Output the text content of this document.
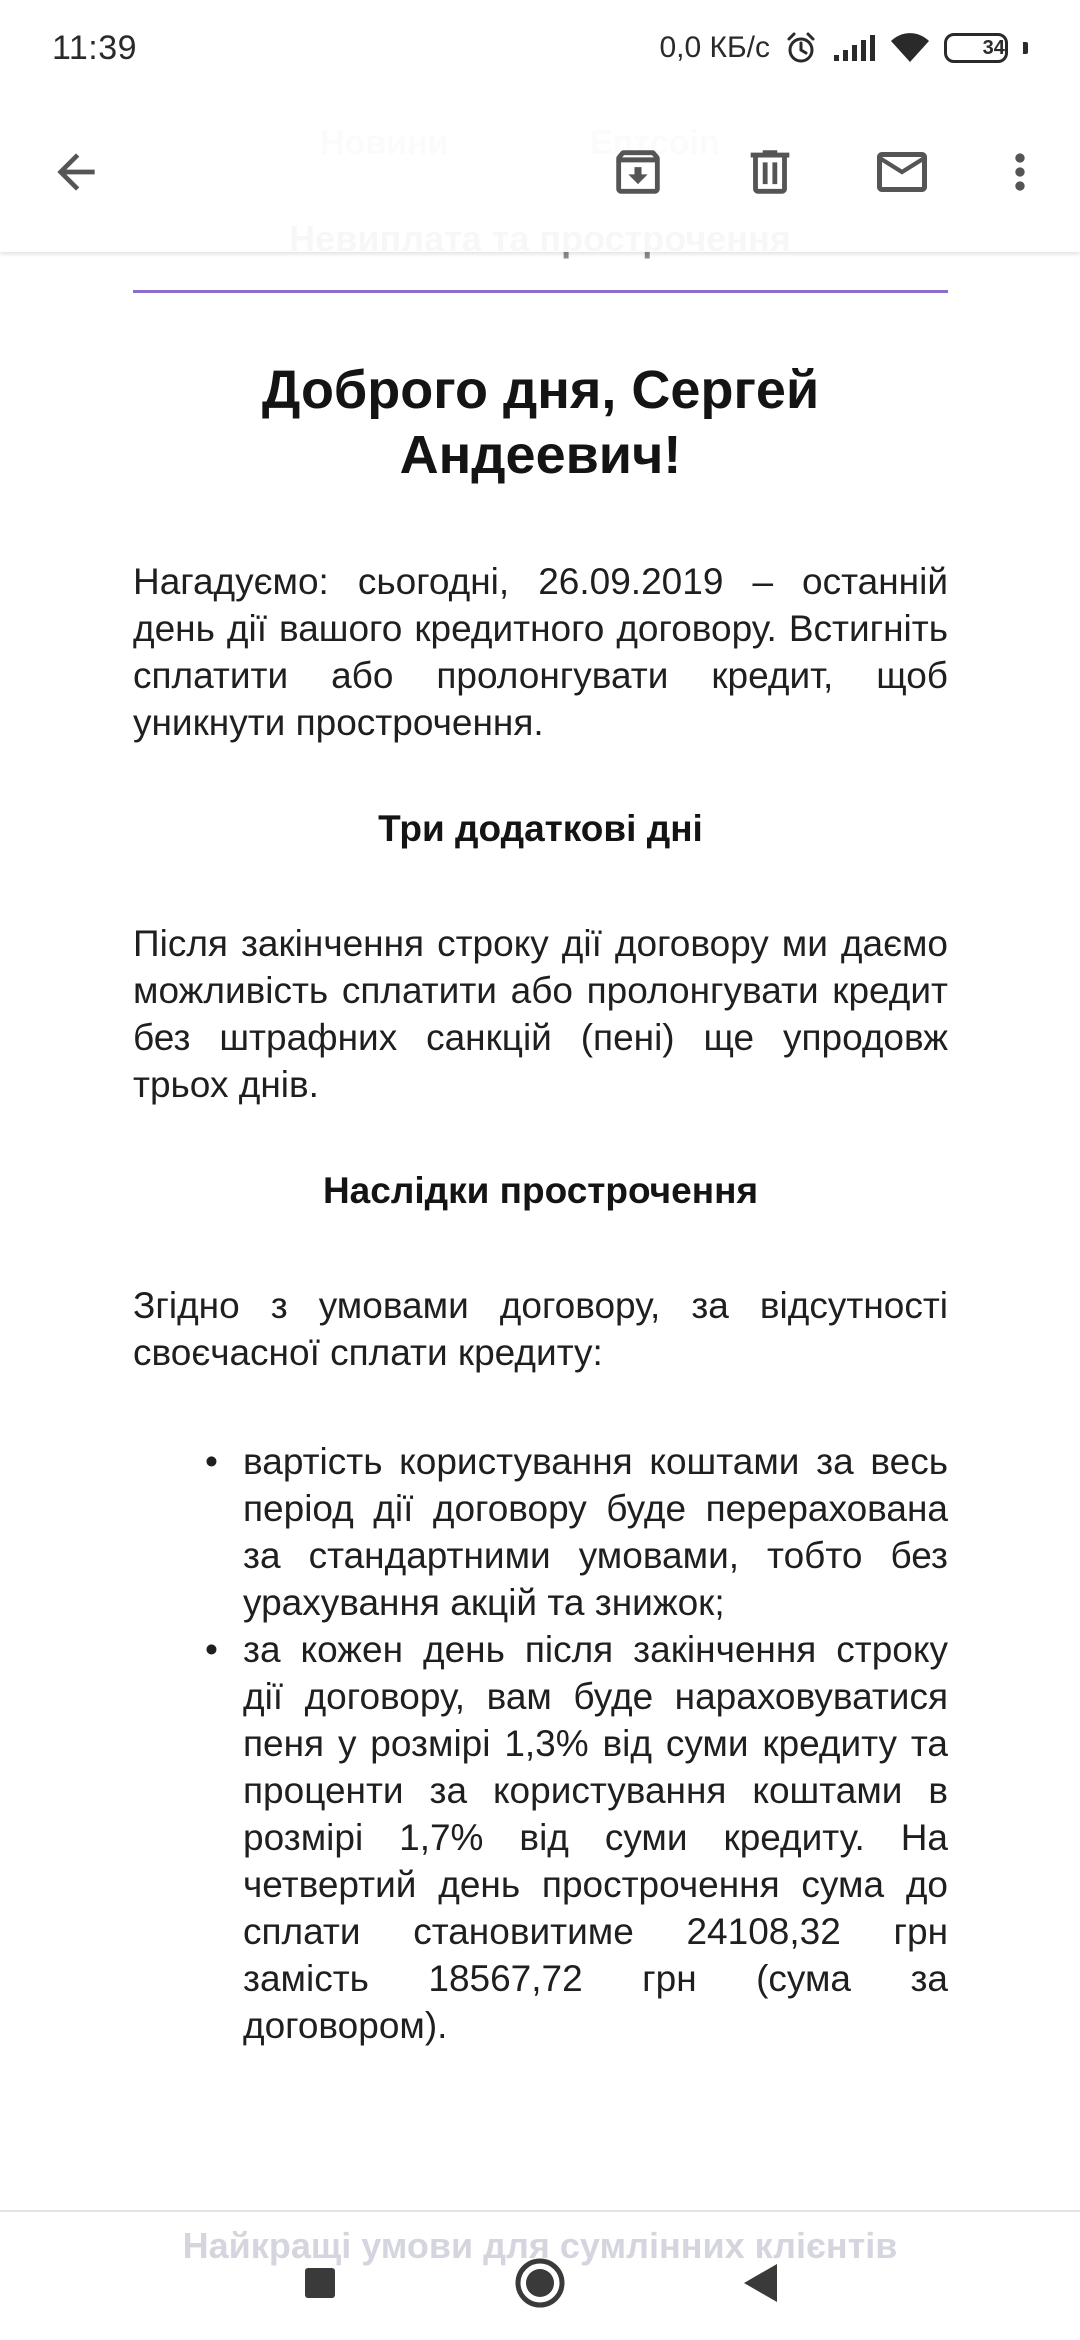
11:39	0,0 КБ/с	34
Доброго дня, Сергей Андеевич!

Нагадуємо: сьогодні, 26.09.2019 – останній день дії вашого кредитного договору. Встигніть сплатити або пролонгувати кредит, щоб уникнути прострочення.

Три додаткові дні

Після закінчення строку дії договору ми даємо можливість сплатити або пролонгувати кредит без штрафних санкцій (пені) ще упродовж трьох днів.

Наслідки прострочення

Згідно з умовами договору, за відсутності своєчасної сплати кредиту:

• вартість користування коштами за весь період дії договору буде перерахована за стандартними умовами, тобто без урахування акцій та знижок;
• за кожен день після закінчення строку дії договору, вам буде нараховуватися пеня у розмірі 1,3% від суми кредиту та проценти за користування коштами в розмірі 1,7% від суми кредиту. На четвертий день прострочення сума до сплати становитиме 24108,32 грн замість 18567,72 грн (сума за договором).
Найкращі умови для сумлінних клієнтів
